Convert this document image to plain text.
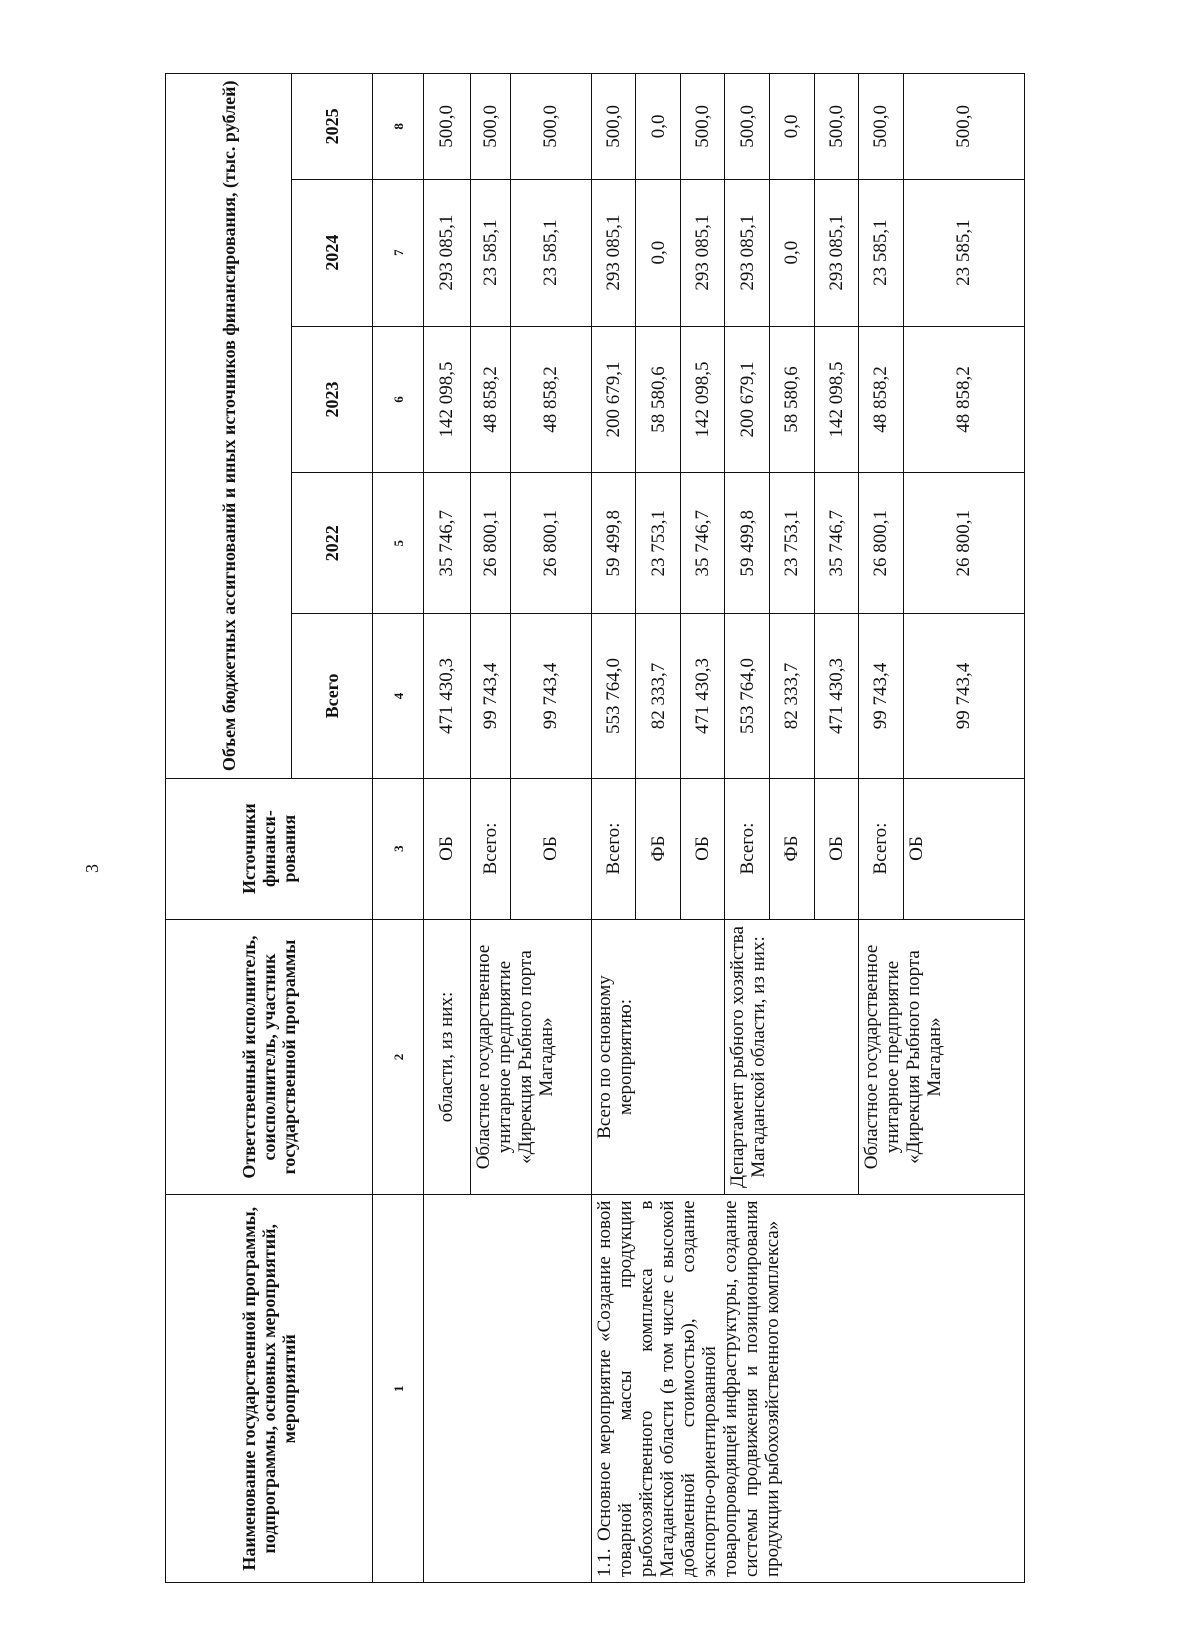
3
Наименование государственной программы, подпрограммы, основных мероприятий, мероприятий	Ответственный исполнитель, соисполнитель, участник государственной программы	Источники финанси-рования	Объем бюджетных ассигнований и иных источников финансирования, (тыс. рублей)				
			Всего	2022	2023	2024	2025
1	2	3	4	5	6	7	8
	области, из них:	ОБ	471 430,3	35 746,7	142 098,5	293 085,1	500,0
	Областное государственное унитарное предприятие «Дирекция Рыбного порта Магадан»	Всего:	99 743,4	26 800,1	48 858,2	23 585,1	500,0
		ОБ	99 743,4	26 800,1	48 858,2	23 585,1	500,0
1.1. Основное мероприятие «Создание новой товарной массы продукции рыбохозяйственного комплекса в Магаданской области (в том числе с высокой добавленной стоимостью), создание экспортно-ориентированной товаропроводящей инфраструктуры, создание системы продвижения и позиционирования продукции рыбохозяйственного комплекса»	Всего по основному мероприятию:	Всего:	553 764,0	59 499,8	200 679,1	293 085,1	500,0
		ФБ	82 333,7	23 753,1	58 580,6	0,0	0,0
		ОБ	471 430,3	35 746,7	142 098,5	293 085,1	500,0
	Департамент рыбного хозяйства Магаданской области, из них:	Всего:	553 764,0	59 499,8	200 679,1	293 085,1	500,0
		ФБ	82 333,7	23 753,1	58 580,6	0,0	0,0
		ОБ	471 430,3	35 746,7	142 098,5	293 085,1	500,0
	Областное государственное унитарное предприятие «Дирекция Рыбного порта Магадан»	Всего:	99 743,4	26 800,1	48 858,2	23 585,1	500,0
		ОБ	99 743,4	26 800,1	48 858,2	23 585,1	500,0
